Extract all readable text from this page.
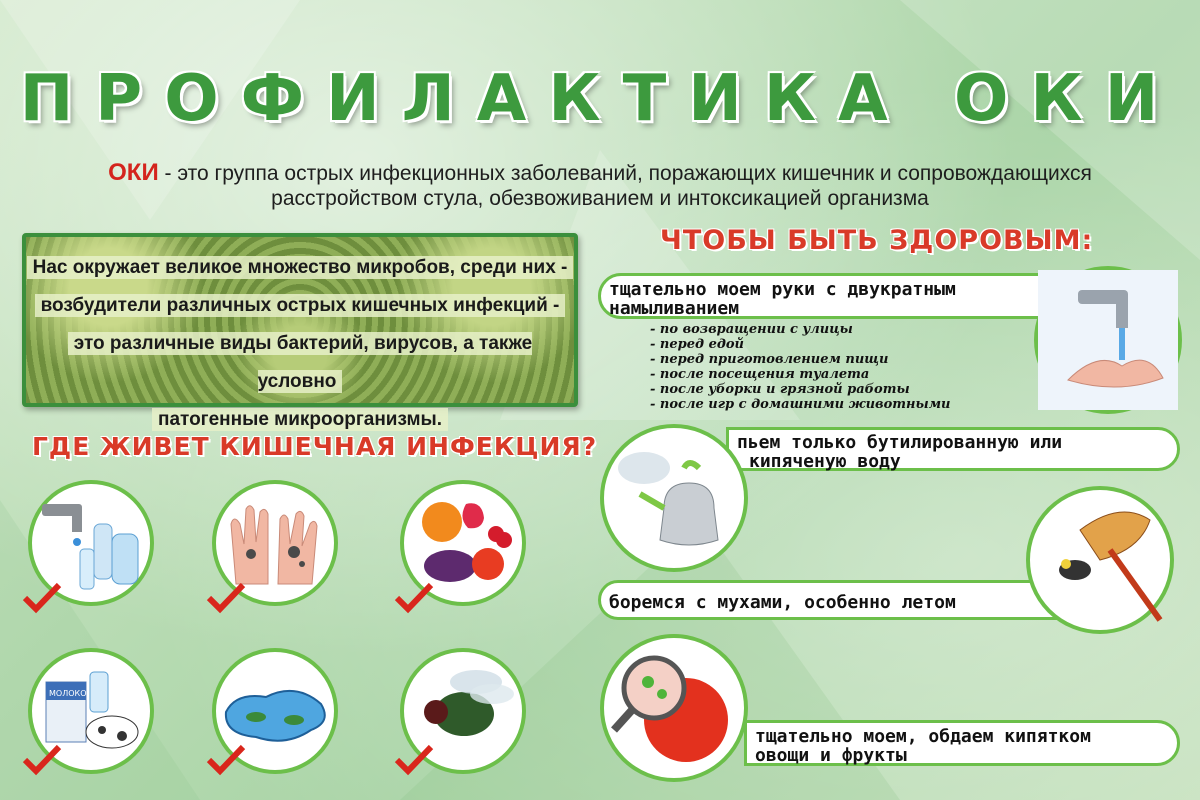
ПРОФИЛАКТИКА ОКИ
ОКИ - это группа острых инфекционных заболеваний, поражающих кишечник и сопровождающихся
расстройством стула, обезвоживанием и интоксикацией организма
Нас окружает великое множество микробов, среди них -
возбудители различных острых кишечных инфекций -
это различные виды бактерий, вирусов, а также условно
патогенные микроорганизмы.
ГДЕ ЖИВЕТ КИШЕЧНАЯ ИНФЕКЦИЯ?
МОЛОКО
ЧТОБЫ БЫТЬ ЗДОРОВЫМ:
тщательно моем руки с двукратным
намыливанием
- по возвращении с улицы
- перед едой
- перед приготовлением пищи
- после посещения туалета
- после уборки и грязной работы
- после игр с домашними животными
пьем только бутилированную или
кипяченую воду
боремся с мухами, особенно летом
тщательно моем, обдаем кипятком
овощи и фрукты
